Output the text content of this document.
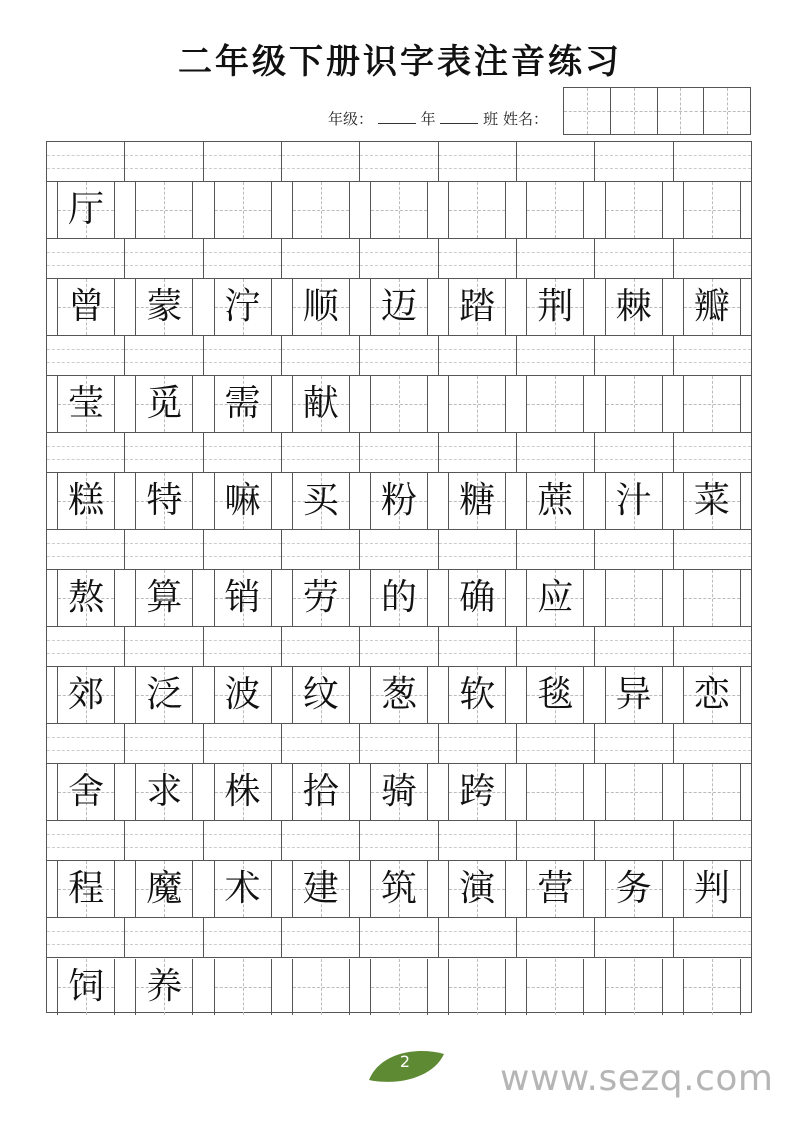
二年级下册识字表注音练习
年级：	年	班 姓名：
厅
曾 蒙 泞 顺 迈 踏 荆 棘 瓣
莹 觅 需 献
糕 特 嘛 买 粉 糖 蔗 汁 菜
熬 算 销 劳 的 确 应
郊 泛 波 纹 葱 软 毯 异 恋
舍 求 株 拾 骑 跨
程 魔 术 建 筑 演 营 务 判
饲 养
2 www.sezq.com
